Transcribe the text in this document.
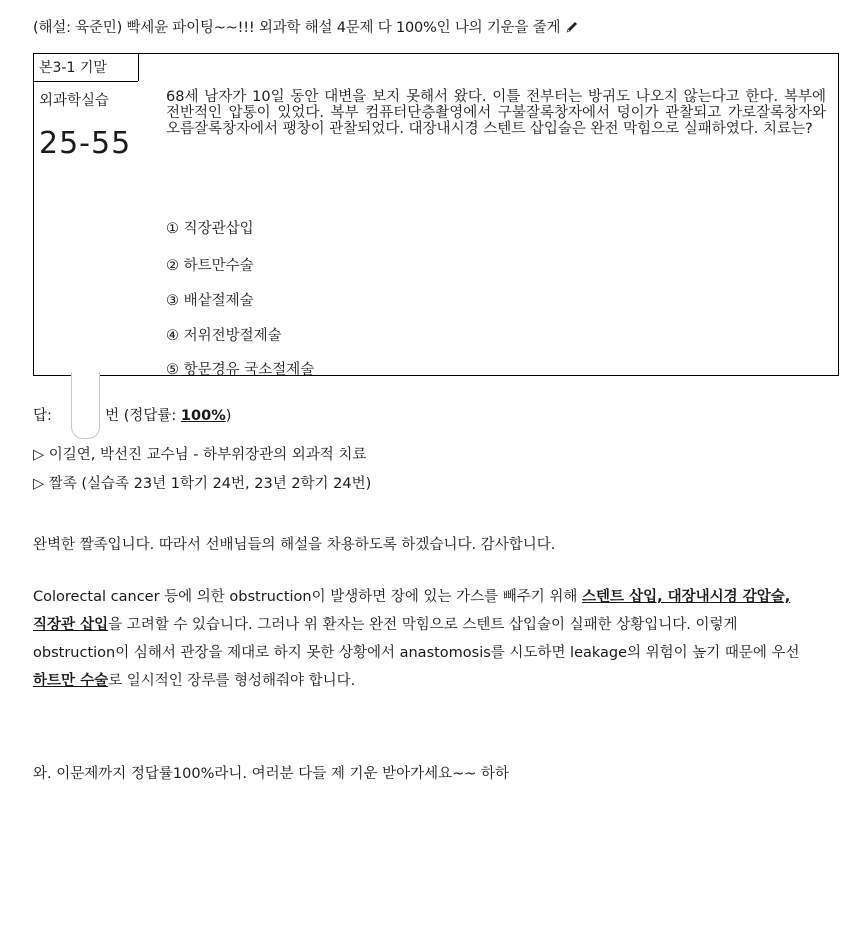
(해설: 육준민) 빡세윤 파이팅~~!!! 외과학 해설 4문제 다 100%인 나의 기운을 줄게
본3-1 기말
외과학실습
25-55
68세 남자가 10일 동안 대변을 보지 못해서 왔다. 이틀 전부터는 방귀도 나오지 않는다고 한다. 복부에 전반적인 압통이 있었다. 복부 컴퓨터단층촬영에서 구불잘록창자에서 덩이가 관찰되고 가로잘록창자와 오름잘록창자에서 팽창이 관찰되었다. 대장내시경 스텐트 삽입술은 완전 막힘으로 실패하였다. 치료는?
① 직장관삽입
② 하트만수술
③ 배샅절제술
④ 저위전방절제술
⑤ 항문경유 국소절제술
답:	번 (정답률: 100%)
▷ 이길연, 박선진 교수님 - 하부위장관의 외과적 치료
▷ 짤족 (실습족 23년 1학기 24번, 23년 2학기 24번)
완벽한 짤족입니다. 따라서 선배님들의 해설을 차용하도록 하겠습니다. 감사합니다.
Colorectal cancer 등에 의한 obstruction이 발생하면 장에 있는 가스를 빼주기 위해 스텐트 삽입, 대장내시경 감압술, 직장관 삽입을 고려할 수 있습니다. 그러나 위 환자는 완전 막힘으로 스텐트 삽입술이 실패한 상황입니다. 이렇게 obstruction이 심해서 관장을 제대로 하지 못한 상황에서 anastomosis를 시도하면 leakage의 위험이 높기 때문에 우선 하트만 수술로 일시적인 장루를 형성해줘야 합니다.
와. 이문제까지 정답률100%라니. 여러분 다들 제 기운 받아가세요~~ 하하
